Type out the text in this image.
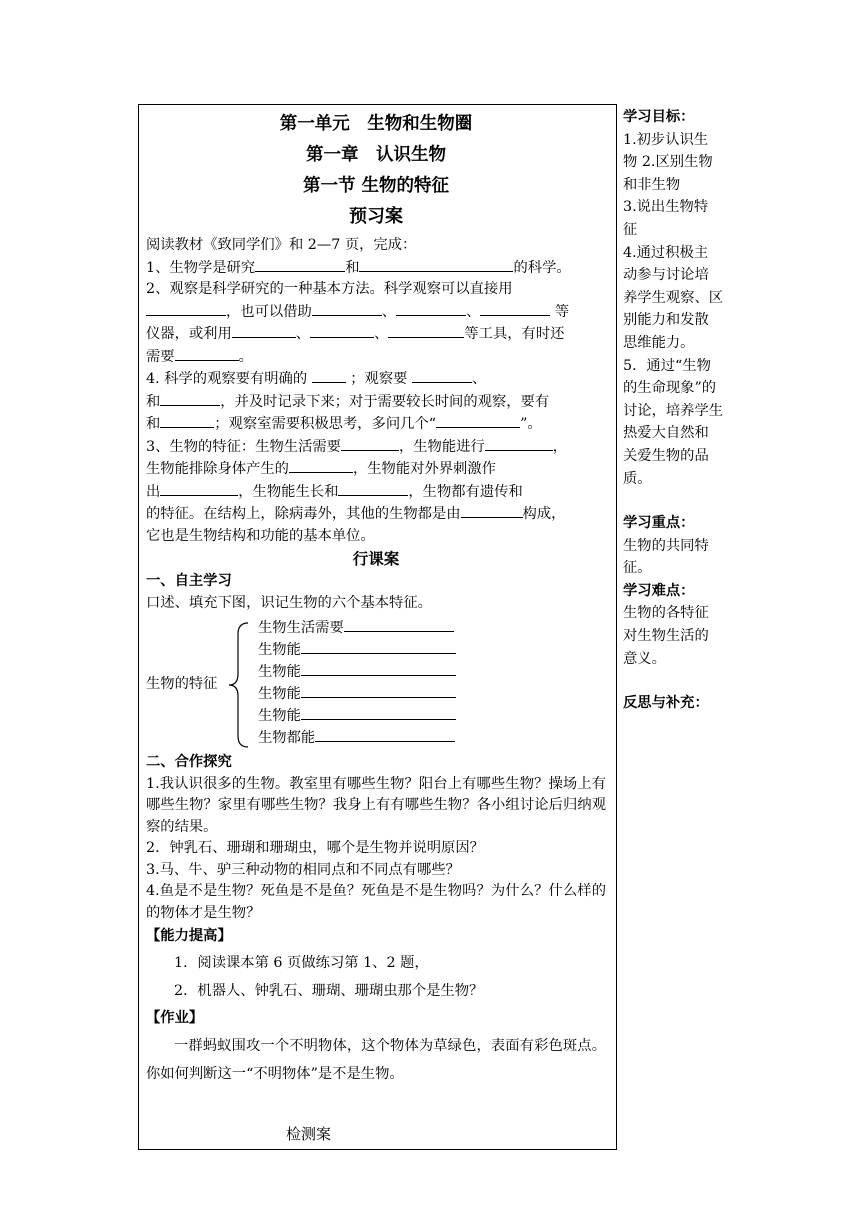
第一单元　生物和生物圈

第一章　认识生物

第一节 生物的特征

预习案

阅读教材《致同学们》和 2—7 页，完成：

1、生物学是研究	和	的科学。

2、观察是科学研究的一种基本方法。科学观察可以直接用
，也可以借助	、	、	等
仪器，或利用	、	、	等工具，有时还
需要	。

4. 科学的观察要有明确的	；观察要	、
和	，并及时记录下来；对于需要较长时间的观察，要有
和	；观察室需要积极思考，多问几个“	”。

3、生物的特征：生物生活需要	，生物能进行	，
生物能排除身体产生的	，生物能对外界刺激作
出	，生物能生长和	，生物都有遗传和
的特征。在结构上，除病毒外，其他的生物都是由	构成，
它也是生物结构和功能的基本单位。

行课案

一、自主学习

口述、填充下图，识记生物的六个基本特征。

生物的特征
生物生活需要
生物能
生物能
生物能
生物能
生物都能

二、合作探究

1.我认识很多的生物。教室里有哪些生物？阳台上有哪些生物？操场上有哪些生物？家里有哪些生物？我身上有有哪些生物？各小组讨论后归纳观察的结果。

2．钟乳石、珊瑚和珊瑚虫，哪个是生物并说明原因？

3.马、牛、驴三种动物的相同点和不同点有哪些？

4.鱼是不是生物？死鱼是不是鱼？死鱼是不是生物吗？为什么？什么样的的物体才是生物？

【能力提高】

1．阅读课本第 6 页做练习第 1、2 题，

2．机器人、钟乳石、珊瑚、珊瑚虫那个是生物？

【作业】

一群蚂蚁围攻一个不明物体，这个物体为草绿色，表面有彩色斑点。你如何判断这一“不明物体”是不是生物。

检测案

学习目标：

1.初步认识生

物 2.区别生物

和非生物

3.说出生物特

征

4.通过积极主

动参与讨论培

养学生观察、区

别能力和发散

思维能力。

5．通过“生物

的生命现象”的

讨论，培养学生

热爱大自然和

关爱生物的品

质。

学习重点：

生物的共同特

征。

学习难点：

生物的各特征

对生物生活的

意义。

反思与补充：
